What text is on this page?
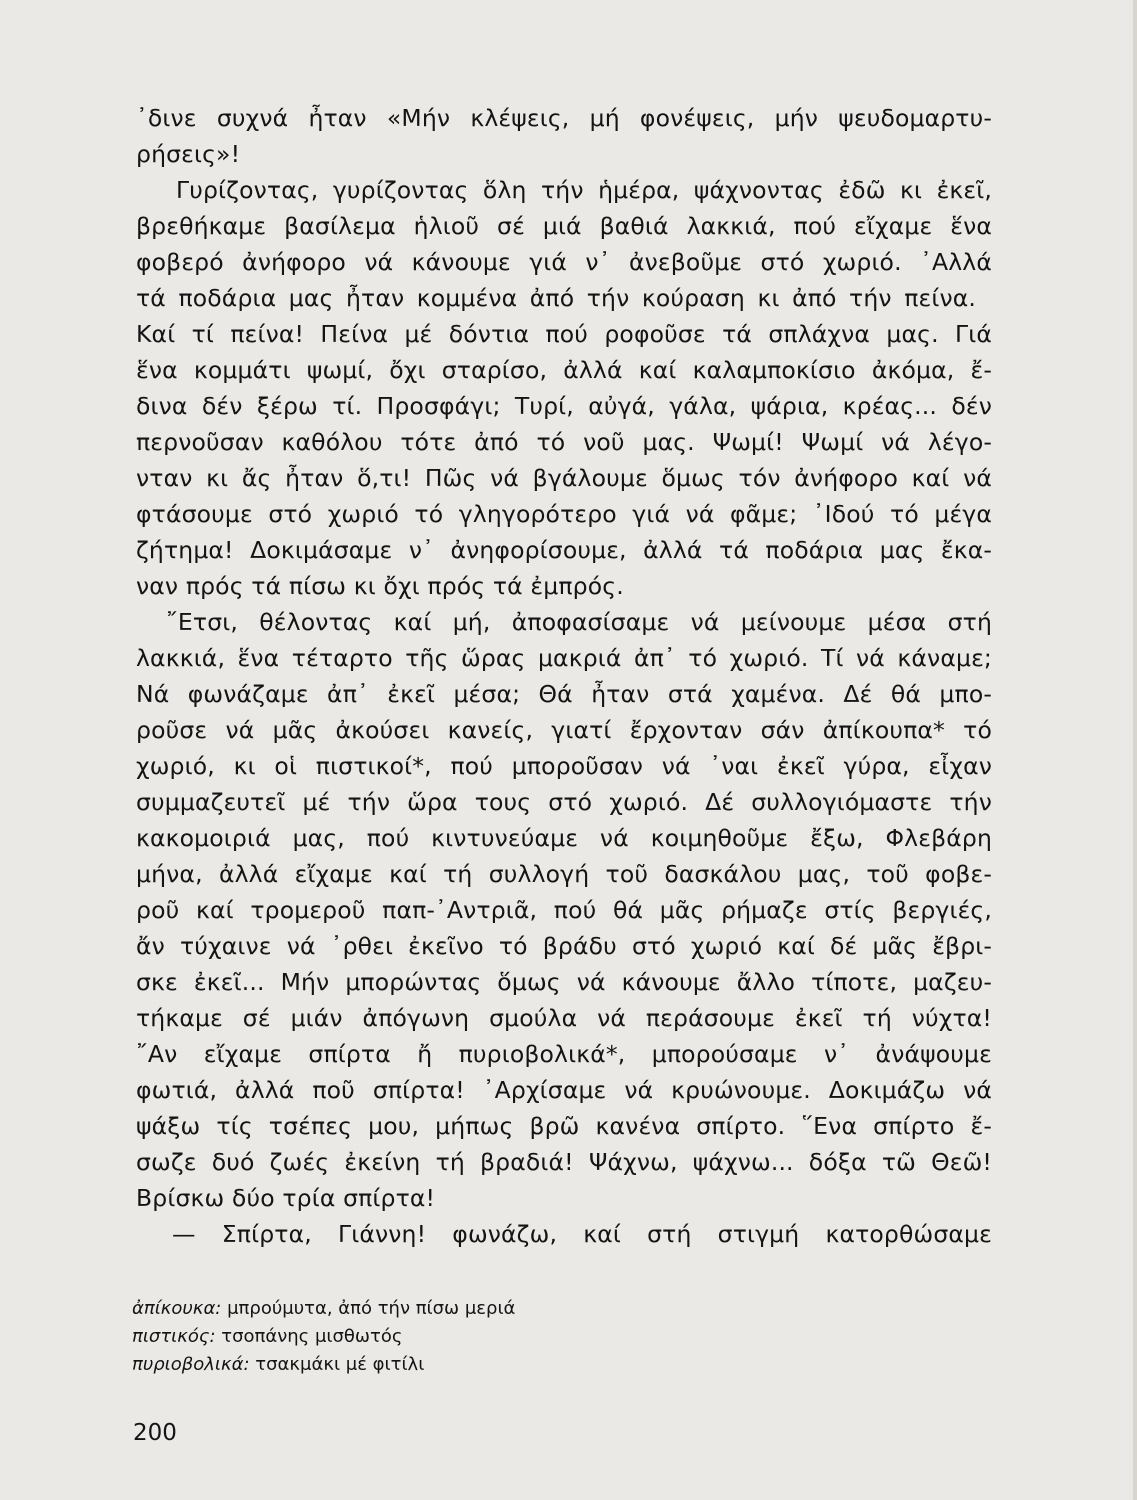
᾿δινε συχνά ἦταν «Μήν κλέψεις, μή φονέψεις, μήν ψευδομαρτυ-
ρήσεις»!
Γυρίζοντας, γυρίζοντας ὅλη τήν ἡμέρα, ψάχνοντας ἐδῶ κι ἐκεῖ,
βρεθήκαμε βασίλεμα ἡλιοῦ σέ μιά βαθιά λακκιά, πού εἴχαμε ἕνα
φοβερό ἀνήφορο νά κάνουμε γιά ν᾿ ἀνεβοῦμε στό χωριό. ᾿Αλλά
τά ποδάρια μας ἦταν κομμένα ἀπό τήν κούραση κι ἀπό τήν πείνα.
Καί τί πείνα! Πείνα μέ δόντια πού ροφοῦσε τά σπλάχνα μας. Γιά
ἕνα κομμάτι ψωμί, ὄχι σταρίσο, ἀλλά καί καλαμποκίσιο ἀκόμα, ἔ-
δινα δέν ξέρω τί. Προσφάγι; Τυρί, αὐγά, γάλα, ψάρια, κρέας... δέν
περνοῦσαν καθόλου τότε ἀπό τό νοῦ μας. Ψωμί! Ψωμί νά λέγο-
νταν κι ἄς ἦταν ὅ,τι! Πῶς νά βγάλουμε ὅμως τόν ἀνήφορο καί νά
φτάσουμε στό χωριό τό γληγορότερο γιά νά φᾶμε; ᾿Ιδού τό μέγα
ζήτημα! Δοκιμάσαμε ν᾿ ἀνηφορίσουμε, ἀλλά τά ποδάρια μας ἔκα-
ναν πρός τά πίσω κι ὄχι πρός τά ἐμπρός.
῎Ετσι, θέλοντας καί μή, ἀποφασίσαμε νά μείνουμε μέσα στή
λακκιά, ἕνα τέταρτο τῆς ὥρας μακριά ἀπ᾿ τό χωριό. Τί νά κάναμε;
Νά φωνάζαμε ἀπ᾿ ἐκεῖ μέσα; Θά ἦταν στά χαμένα. Δέ θά μπο-
ροῦσε νά μᾶς ἀκούσει κανείς, γιατί ἔρχονταν σάν ἀπίκουπα* τό
χωριό, κι οἱ πιστικοί*, πού μποροῦσαν νά ᾿ναι ἐκεῖ γύρα, εἶχαν
συμμαζευτεῖ μέ τήν ὥρα τους στό χωριό. Δέ συλλογιόμαστε τήν
κακομοιριά μας, πού κιντυνεύαμε νά κοιμηθοῦμε ἔξω, Φλεβάρη
μήνα, ἀλλά εἴχαμε καί τή συλλογή τοῦ δασκάλου μας, τοῦ φοβε-
ροῦ καί τρομεροῦ παπ-᾿Αντριᾶ, πού θά μᾶς ρήμαζε στίς βεργιές,
ἄν τύχαινε νά ᾿ρθει ἐκεῖνο τό βράδυ στό χωριό καί δέ μᾶς ἔβρι-
σκε ἐκεῖ... Μήν μπορώντας ὅμως νά κάνουμε ἄλλο τίποτε, μαζευ-
τήκαμε σέ μιάν ἀπόγωνη σμούλα νά περάσουμε ἐκεῖ τή νύχτα!
῎Αν εἴχαμε σπίρτα ἤ πυριοβολικά*, μπορούσαμε ν᾿ ἀνάψουμε
φωτιά, ἀλλά ποῦ σπίρτα! ᾿Αρχίσαμε νά κρυώνουμε. Δοκιμάζω νά
ψάξω τίς τσέπες μου, μήπως βρῶ κανένα σπίρτο. ῞Ενα σπίρτο ἔ-
σωζε δυό ζωές ἐκείνη τή βραδιά! Ψάχνω, ψάχνω... δόξα τῶ Θεῶ!
Βρίσκω δύο τρία σπίρτα!
— Σπίρτα, Γιάννη! φωνάζω, καί στή στιγμή κατορθώσαμε
ἀπίκουκα: μπρούμυτα, ἀπό τήν πίσω μεριά
πιστικός: τσοπάνης μισθωτός
πυριοβολικά: τσακμάκι μέ φιτίλι
200
